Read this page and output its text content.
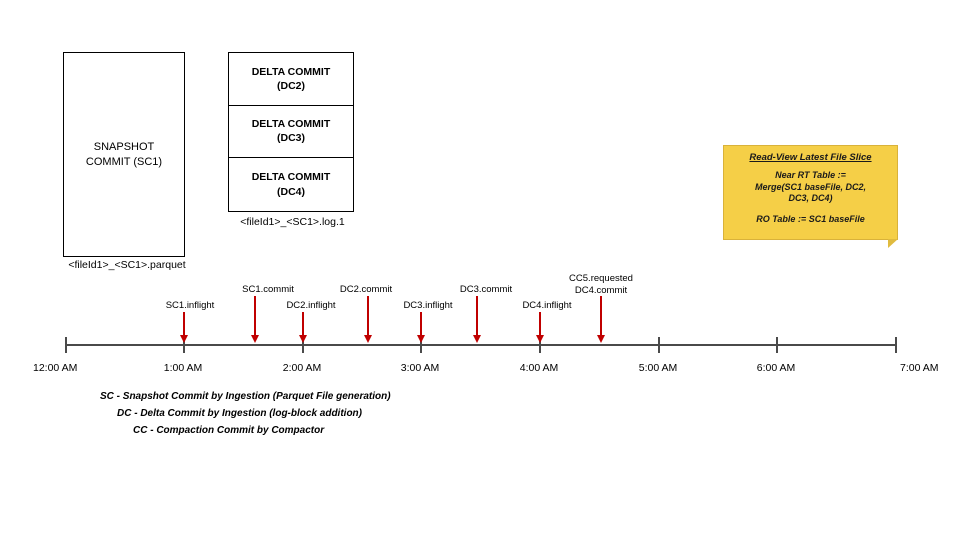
SNAPSHOT
COMMIT (SC1)
<fileId1>_<SC1>.parquet
DELTA COMMIT
(DC2)
DELTA COMMIT
(DC3)
DELTA COMMIT
(DC4)
<fileId1>_<SC1>.log.1
Read-View Latest File Slice
Near RT Table :=
Merge(SC1 baseFile, DC2,
DC3, DC4)
RO Table := SC1 baseFile
12:00 AM	1:00 AM	2:00 AM	3:00 AM	4:00 AM	5:00 AM	6:00 AM	7:00 AM
SC1.inflight
SC1.commit
DC2.inflight
DC2.commit
DC3.inflight
DC3.commit
DC4.inflight
CC5.requested
DC4.commit
SC - Snapshot Commit by Ingestion (Parquet File generation)
DC - Delta Commit by Ingestion (log-block addition)
CC - Compaction Commit by Compactor
